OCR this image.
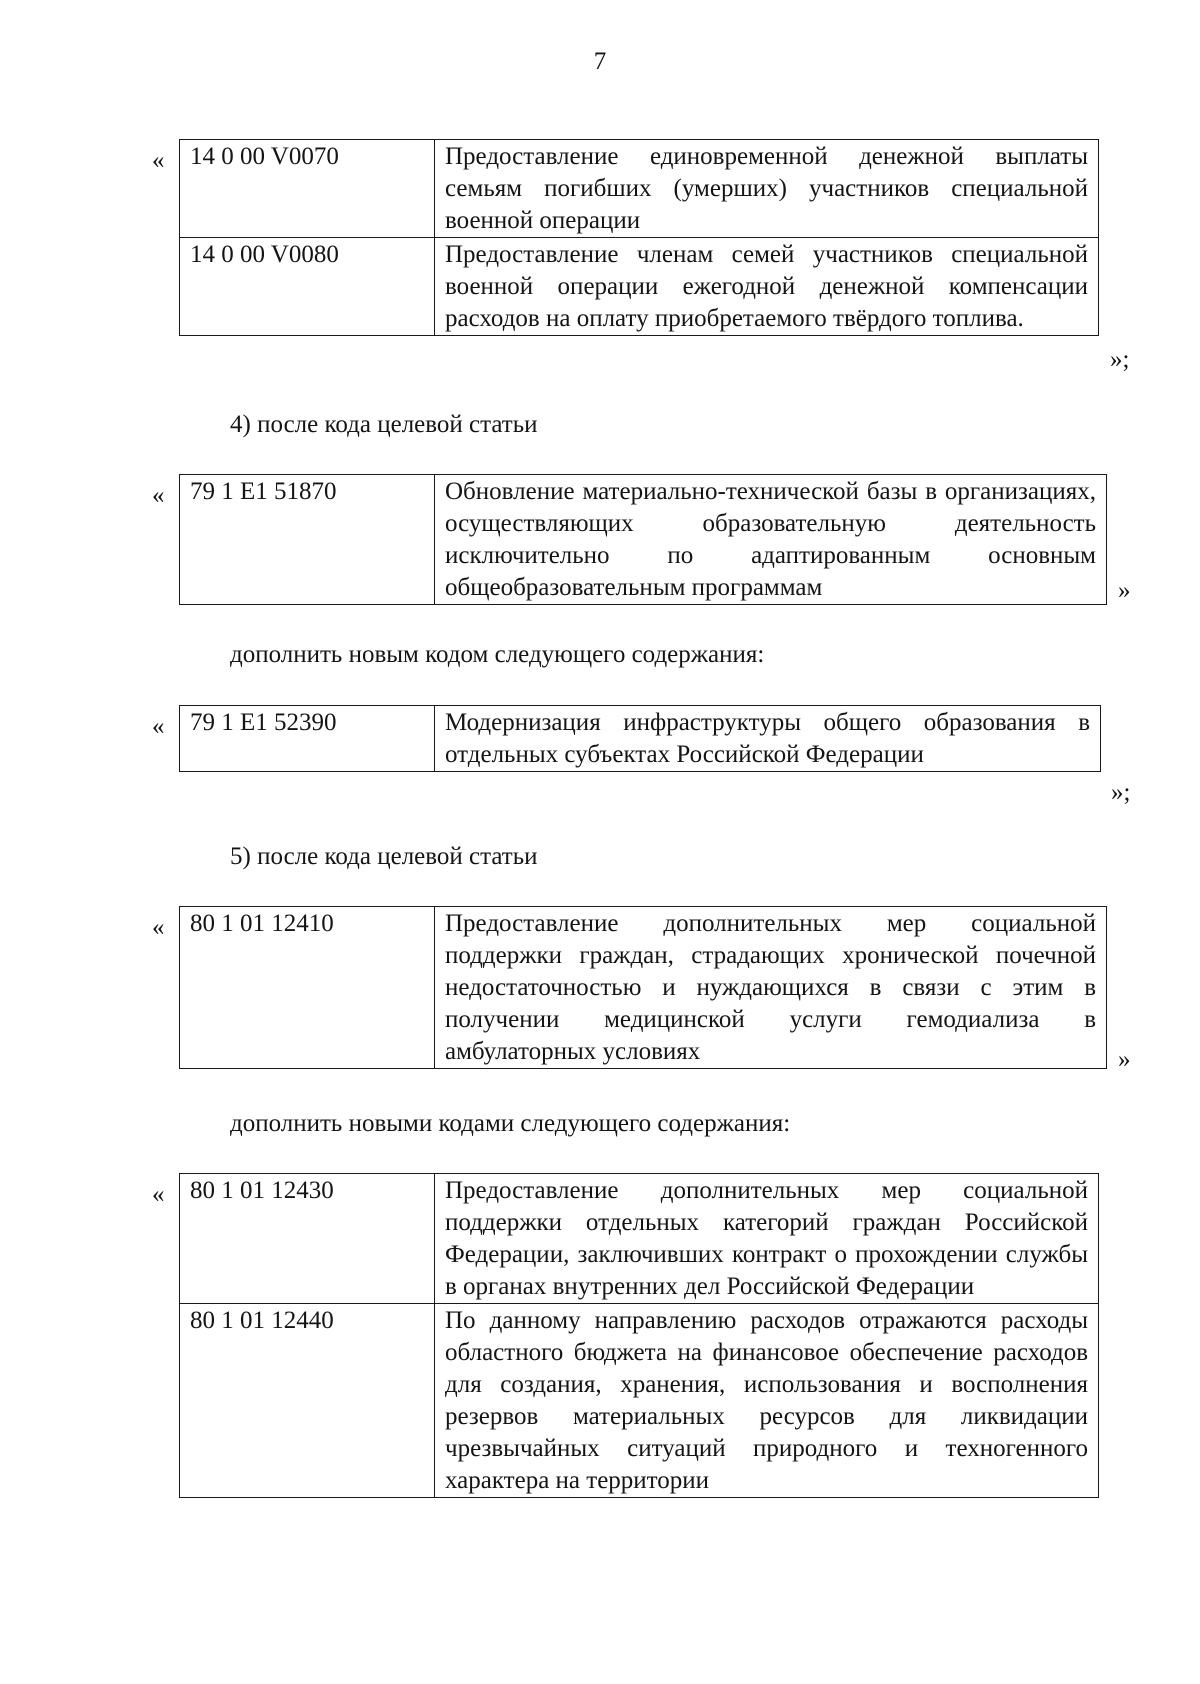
7
« 14 0 00 V0070	Предоставление единовременной денежной выплаты семьям погибших (умерших) участников специальной военной операции
14 0 00 V0080	Предоставление членам семей участников специальной военной операции ежегодной денежной компенсации расходов на оплату приобретаемого твёрдого топлива.
»;
4) после кода целевой статьи
« 79 1 E1 51870	Обновление материально-технической базы в организациях, осуществляющих образовательную деятельность исключительно по адаптированным основным общеобразовательным программам	»
дополнить новым кодом следующего содержания:
« 79 1 E1 52390	Модернизация инфраструктуры общего образования в отдельных субъектах Российской Федерации
»;
5) после кода целевой статьи
« 80 1 01 12410	Предоставление дополнительных мер социальной поддержки граждан, страдающих хронической почечной недостаточностью и нуждающихся в связи с этим в получении медицинской услуги гемодиализа в амбулаторных условиях	»
дополнить новыми кодами следующего содержания:
« 80 1 01 12430	Предоставление дополнительных мер социальной поддержки отдельных категорий граждан Российской Федерации, заключивших контракт о прохождении службы в органах внутренних дел Российской Федерации
80 1 01 12440	По данному направлению расходов отражаются расходы областного бюджета на финансовое обеспечение расходов для создания, хранения, использования и восполнения резервов материальных ресурсов для ликвидации чрезвычайных ситуаций природного и техногенного характера на территории
